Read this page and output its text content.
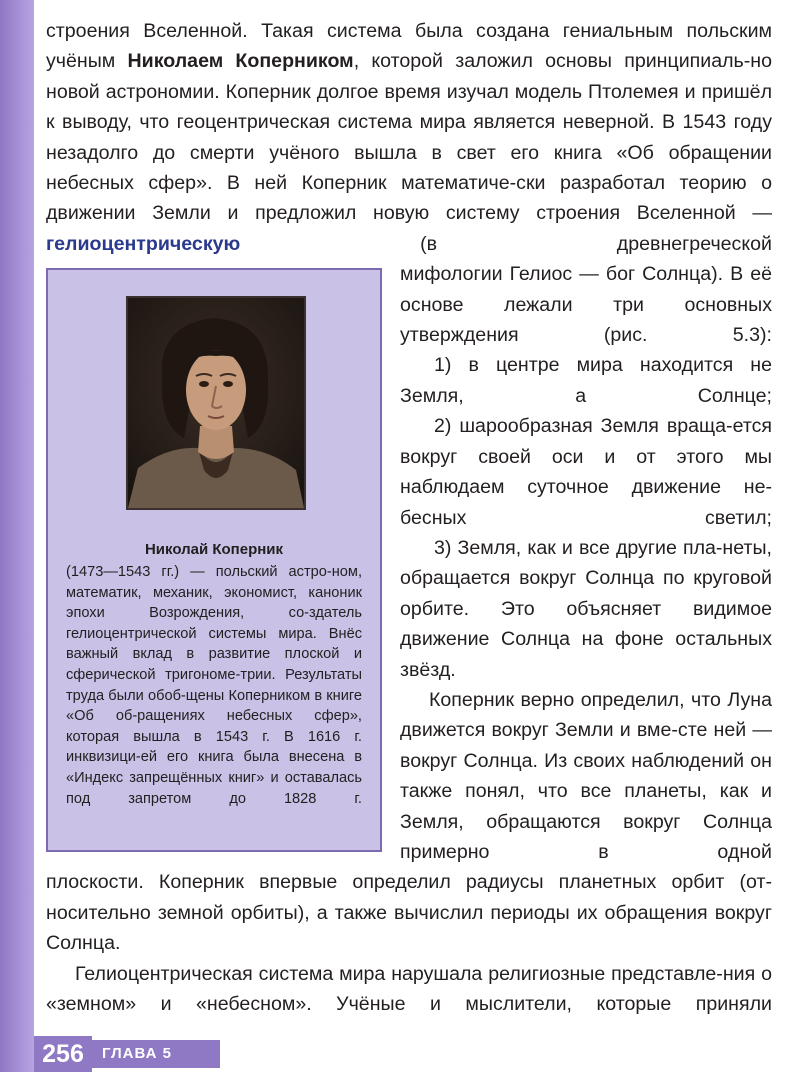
строения Вселенной. Такая система была создана гениальным польским учёным Николаем Коперником, которой заложил основы принципиаль-но новой астрономии. Коперник долгое время изучал модель Птолемея и пришёл к выводу, что геоцентрическая система мира является неверной. В 1543 году незадолго до смерти учёного вышла в свет его книга «Об обращении небесных сфер». В ней Коперник математиче-ски разработал теорию о движении Земли и предложил новую систему строения Вселенной — гелиоцентрическую (в древнегреческой

мифологии Гелиос — бог Солнца). В её основе лежали три основных утверждения (рис. 5.3):

1) в центре мира находится не Земля, а Солнце;

2) шарообразная Земля враща-ется вокруг своей оси и от этого мы наблюдаем суточное движение не-бесных светил;

3) Земля, как и все другие пла-неты, обращается вокруг Солнца по круговой орбите. Это объясняет видимое движение Солнца на фоне остальных звёзд.

Коперник верно определил, что Луна движется вокруг Земли и вме-сте ней — вокруг Солнца. Из своих наблюдений он также понял, что все планеты, как и Земля, обращаются вокруг Солнца примерно в одной

плоскости. Коперник впервые определил радиусы планетных орбит (от-носительно земной орбиты), а также вычислил периоды их обращения вокруг Солнца.

Гелиоцентрическая система мира нарушала религиозные представле-ния о «земном» и «небесном». Учёные и мыслители, которые приняли

Николай Коперник
(1473—1543 гг.) — польский астро-ном, математик, механик, экономист, каноник эпохи Возрождения, со-здатель гелиоцентрической системы мира. Внёс важный вклад в развитие плоской и сферической тригономе-трии. Результаты труда были обоб-щены Коперником в книге «Об об-ращениях небесных сфер», которая вышла в 1543 г. В 1616 г. инквизици-ей его книга была внесена в «Индекс запрещённых книг» и оставалась под запретом до 1828 г.
256	ГЛАВА 5
